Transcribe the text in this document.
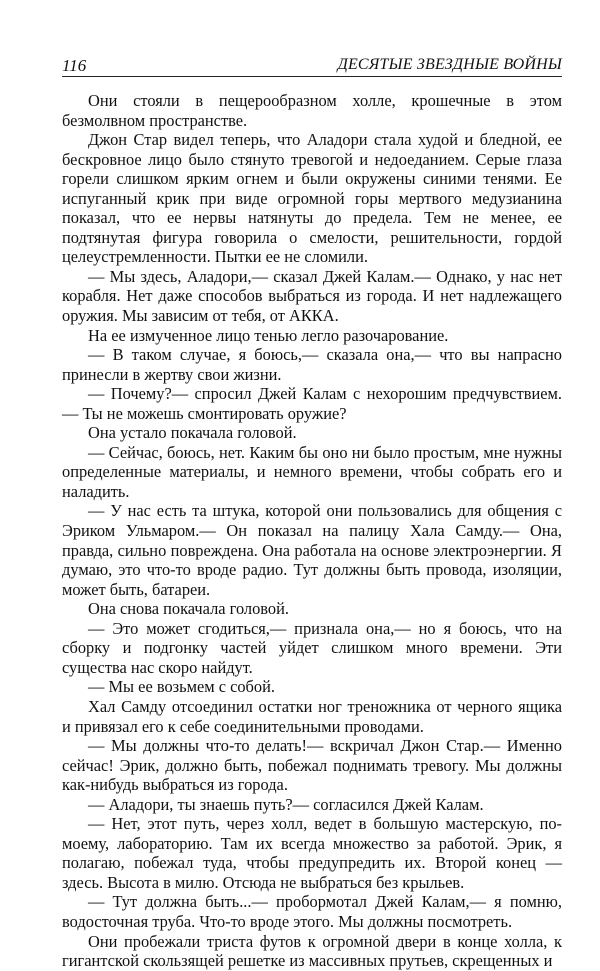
116	ДЕСЯТЫЕ ЗВЕЗДНЫЕ ВОЙНЫ

Они стояли в пещерообразном холле, крошечные в этом безмолвном пространстве.

Джон Стар видел теперь, что Аладори стала худой и бледной, ее бескровное лицо было стянуто тревогой и недоеданием. Серые глаза горели слишком ярким огнем и были окружены синими тенями. Ее испуганный крик при виде огромной горы мертвого медузианина показал, что ее нервы натянуты до предела. Тем не менее, ее подтянутая фигура говорила о смелости, решительности, гордой целеустремленности. Пытки ее не сломили.

— Мы здесь, Аладори,— сказал Джей Калам.— Однако, у нас нет корабля. Нет даже способов выбраться из города. И нет надлежащего оружия. Мы зависим от тебя, от АККА.

На ее измученное лицо тенью легло разочарование.

— В таком случае, я боюсь,— сказала она,— что вы напрасно принесли в жертву свои жизни.

— Почему?— спросил Джей Калам с нехорошим предчувствием.— Ты не можешь смонтировать оружие?

Она устало покачала головой.

— Сейчас, боюсь, нет. Каким бы оно ни было простым, мне нужны определенные материалы, и немного времени, чтобы собрать его и наладить.

— У нас есть та штука, которой они пользовались для общения с Эриком Ульмаром.— Он показал на палицу Хала Самду.— Она, правда, сильно повреждена. Она работала на основе электроэнергии. Я думаю, это что-то вроде радио. Тут должны быть провода, изоляции, может быть, батареи.

Она снова покачала головой.

— Это может сгодиться,— признала она,— но я боюсь, что на сборку и подгонку частей уйдет слишком много времени. Эти существа нас скоро найдут.

— Мы ее возьмем с собой.

Хал Самду отсоединил остатки ног треножника от черного ящика и привязал его к себе соединительными проводами.

— Мы должны что-то делать!— вскричал Джон Стар.— Именно сейчас! Эрик, должно быть, побежал поднимать тревогу. Мы должны как-нибудь выбраться из города.

— Аладори, ты знаешь путь?— согласился Джей Калам.

— Нет, этот путь, через холл, ведет в большую мастерскую, по-моему, лабораторию. Там их всегда множество за работой. Эрик, я полагаю, побежал туда, чтобы предупредить их. Второй конец — здесь. Высота в милю. Отсюда не выбраться без крыльев.

— Тут должна быть...— пробормотал Джей Калам,— я помню, водосточная труба. Что-то вроде этого. Мы должны посмотреть.

Они пробежали триста футов к огромной двери в конце холла, к гигантской скользящей решетке из массивных прутьев, скрещенных и
